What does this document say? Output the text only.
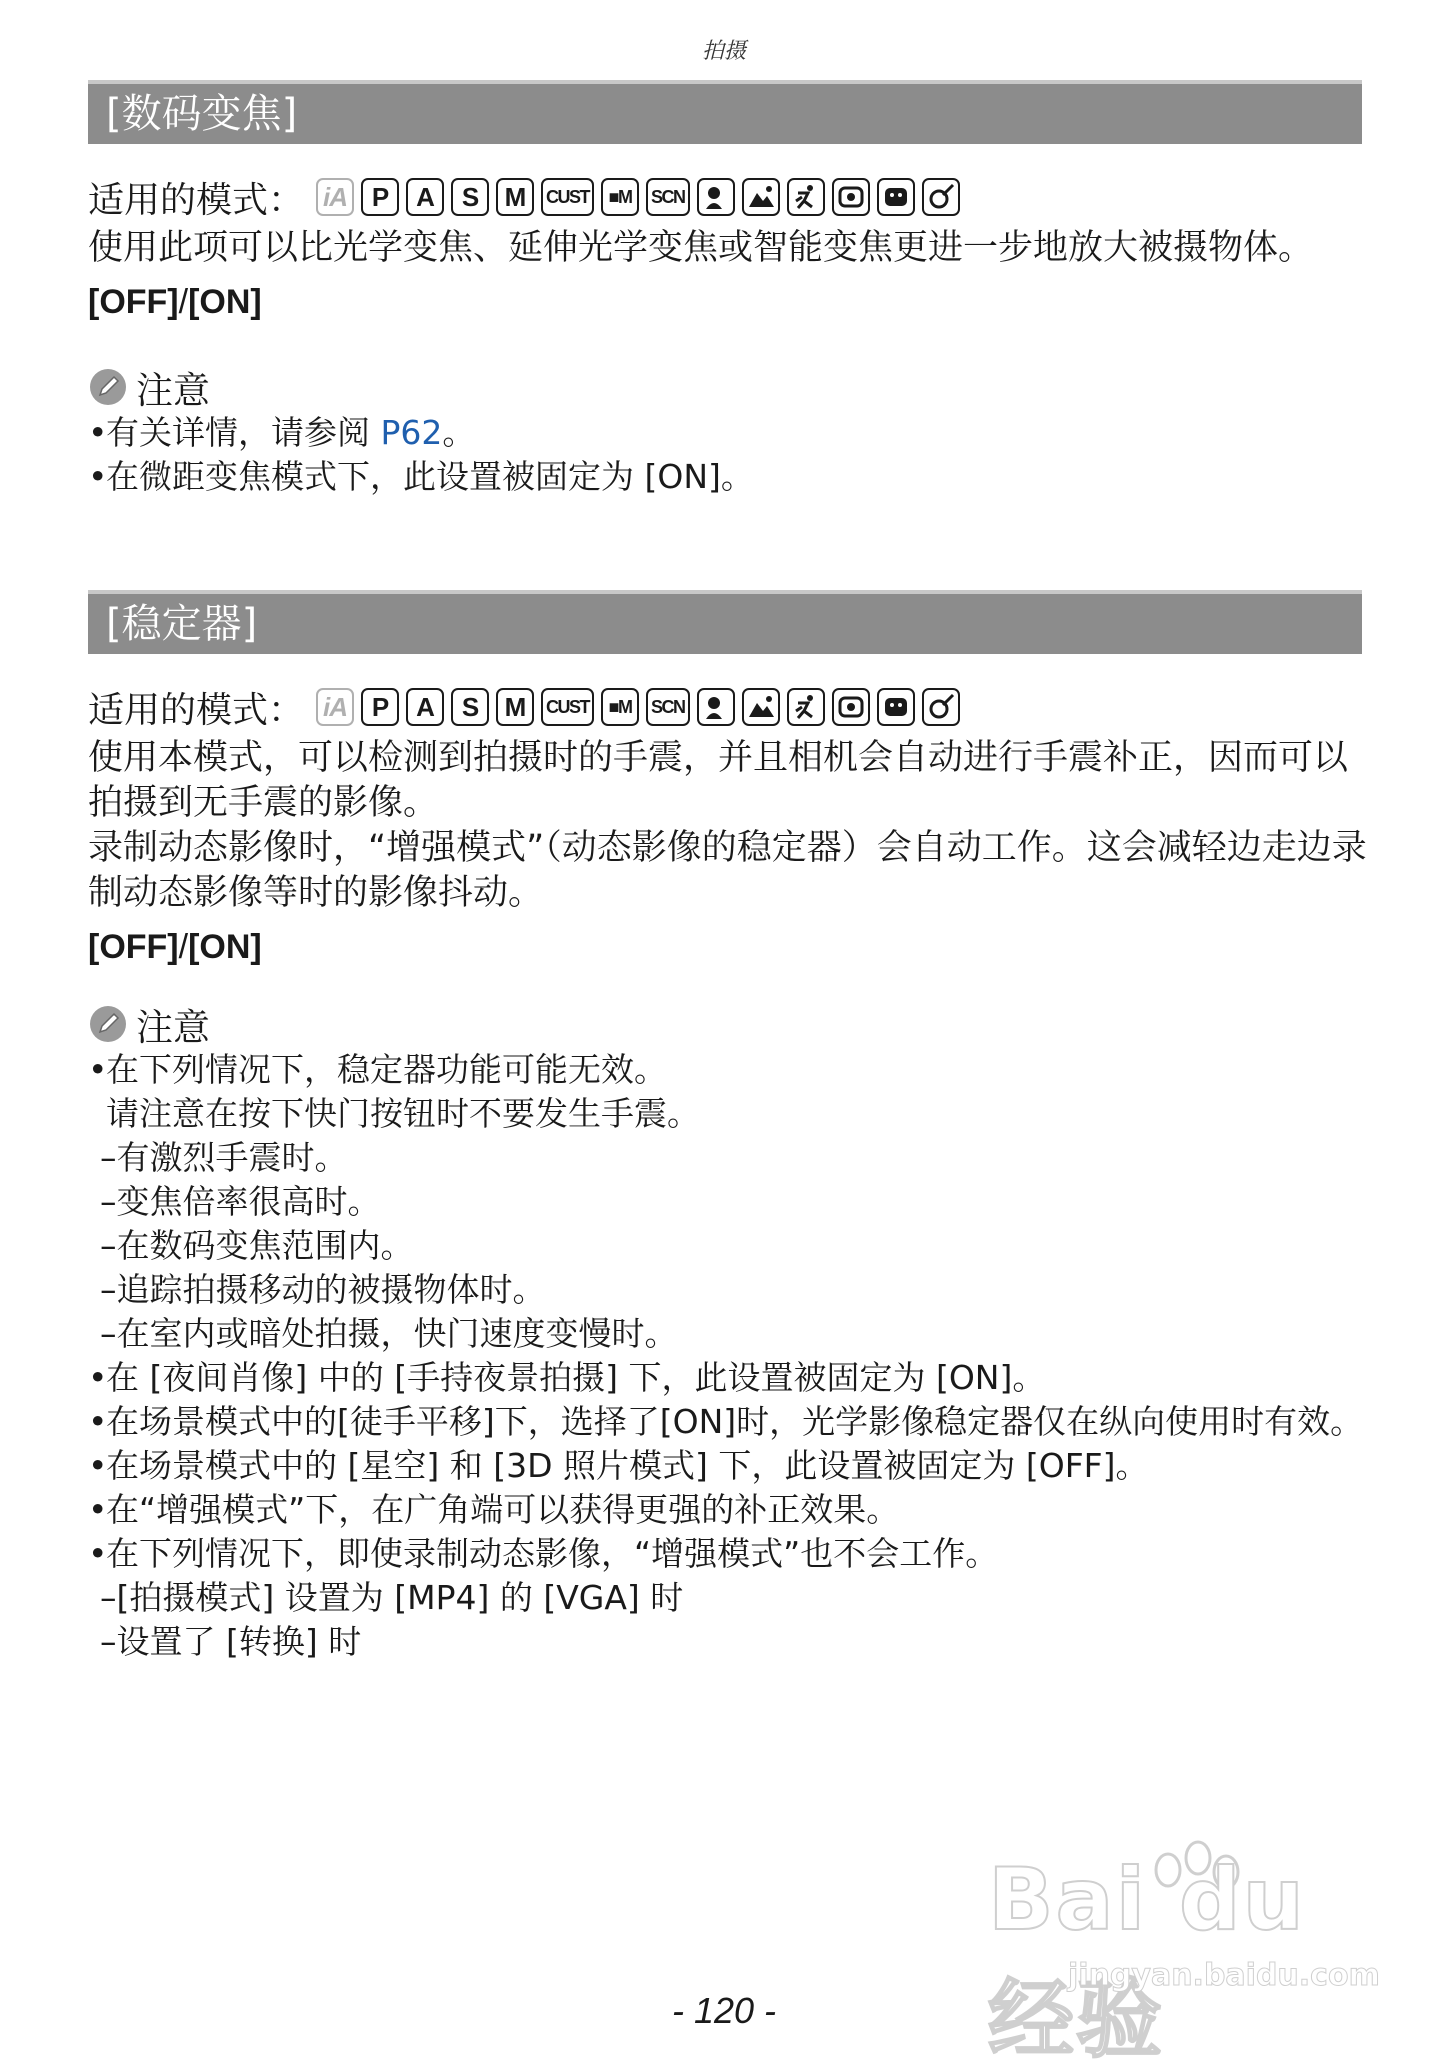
拍摄
[数码变焦]
适用的模式： iA P	A	S	M	CUST ■ M SCN
使用此项可以比光学变焦、延伸光学变焦或智能变焦更进一步地放大被摄物体。
[OFF]/[ON]
注意
•
有关详情，请参阅 P62。
•
在微距变焦模式下，此设置被固定为 [ON]。
[稳定器]
适用的模式： iA P	A	S	M	CUST ■ M SCN
使用本模式，可以检测到拍摄时的手震，并且相机会自动进行手震补正，因而可以拍摄到无手震的影像。
录制动态影像时，“增强模式”（动态影像的稳定器）会自动工作。这会减轻边走边录制动态影像等时的影像抖动。
[OFF]/[ON]
注意
•
在下列情况下，稳定器功能可能无效。
请注意在按下快门按钮时不要发生手震。
–有激烈手震时。
–变焦倍率很高时。
–在数码变焦范围内。
–追踪拍摄移动的被摄物体时。
–在室内或暗处拍摄，快门速度变慢时。
•
在 [夜间肖像] 中的 [手持夜景拍摄] 下，此设置被固定为 [ON]。
•
在场景模式中的[徒手平移]下，选择了[ON]时，光学影像稳定器仅在纵向使用时有效。
•
在场景模式中的 [星空] 和 [3D 照片模式] 下，此设置被固定为 [OFF]。
•
在“增强模式”下，在广角端可以获得更强的补正效果。
•
在下列情况下，即使录制动态影像，“增强模式”也不会工作。
–[拍摄模式] 设置为 [MP4] 的 [VGA] 时
–设置了 [转换] 时
Bai du 经验
jingyan.baidu.com
- 120 -
